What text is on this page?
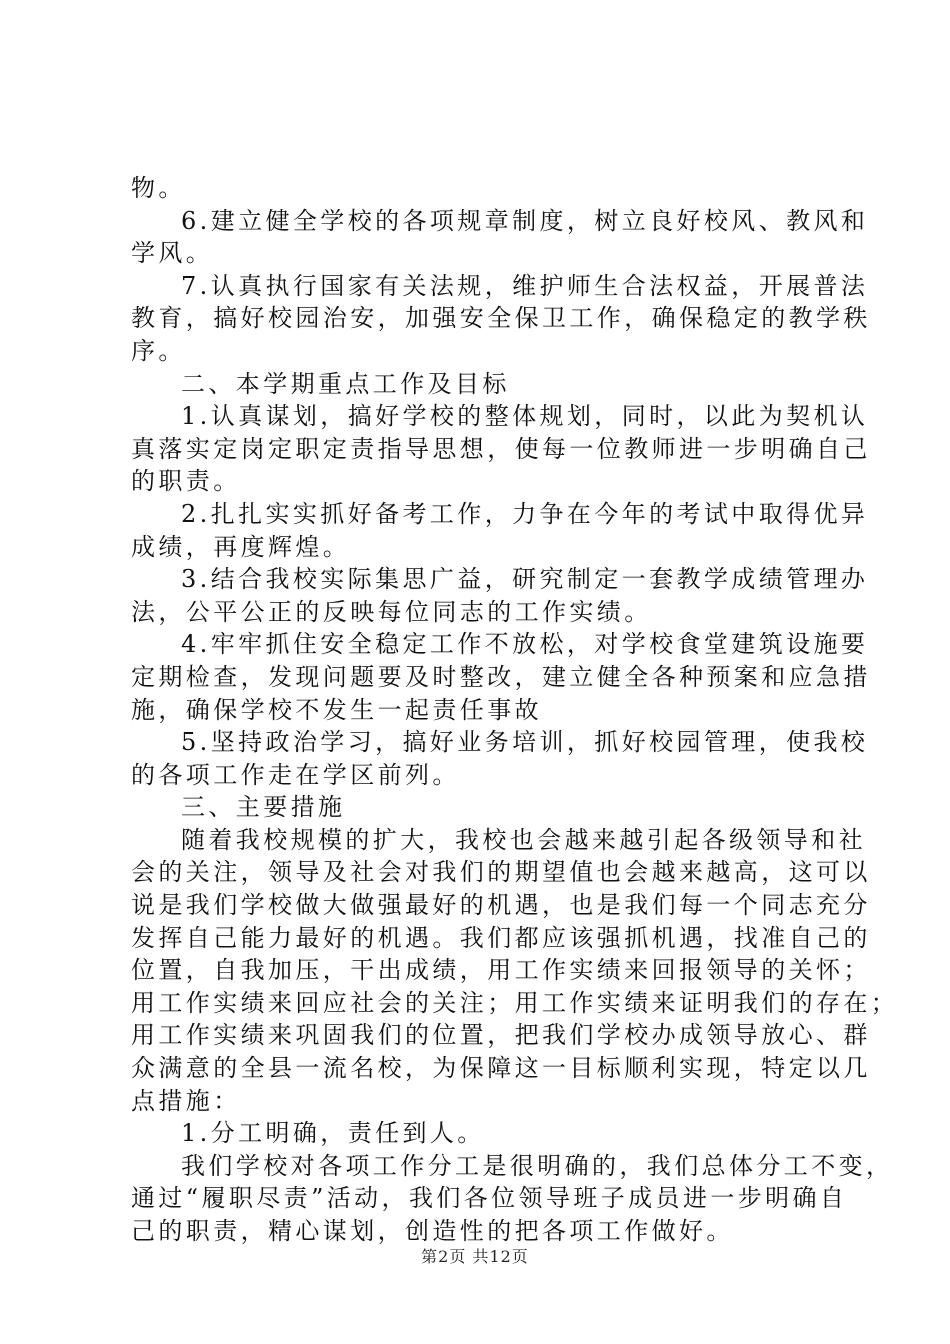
物。
6.建立健全学校的各项规章制度，树立良好校风、教风和
学风。
7.认真执行国家有关法规，维护师生合法权益，开展普法
教育，搞好校园治安，加强安全保卫工作，确保稳定的教学秩
序。
二、本学期重点工作及目标
1.认真谋划，搞好学校的整体规划，同时，以此为契机认
真落实定岗定职定责指导思想，使每一位教师进一步明确自己
的职责。
2.扎扎实实抓好备考工作，力争在今年的考试中取得优异
成绩，再度辉煌。
3.结合我校实际集思广益，研究制定一套教学成绩管理办
法，公平公正的反映每位同志的工作实绩。
4.牢牢抓住安全稳定工作不放松，对学校食堂建筑设施要
定期检查，发现问题要及时整改，建立健全各种预案和应急措
施，确保学校不发生一起责任事故
5.坚持政治学习，搞好业务培训，抓好校园管理，使我校
的各项工作走在学区前列。
三、主要措施
随着我校规模的扩大，我校也会越来越引起各级领导和社
会的关注，领导及社会对我们的期望值也会越来越高，这可以
说是我们学校做大做强最好的机遇，也是我们每一个同志充分
发挥自己能力最好的机遇。我们都应该强抓机遇，找准自己的
位置，自我加压，干出成绩，用工作实绩来回报领导的关怀；
用工作实绩来回应社会的关注；用工作实绩来证明我们的存在；
用工作实绩来巩固我们的位置，把我们学校办成领导放心、群
众满意的全县一流名校，为保障这一目标顺利实现，特定以几
点措施：
1.分工明确，责任到人。
我们学校对各项工作分工是很明确的，我们总体分工不变，
通过“履职尽责”活动，我们各位领导班子成员进一步明确自
己的职责，精心谋划，创造性的把各项工作做好。
第2页 共12页
